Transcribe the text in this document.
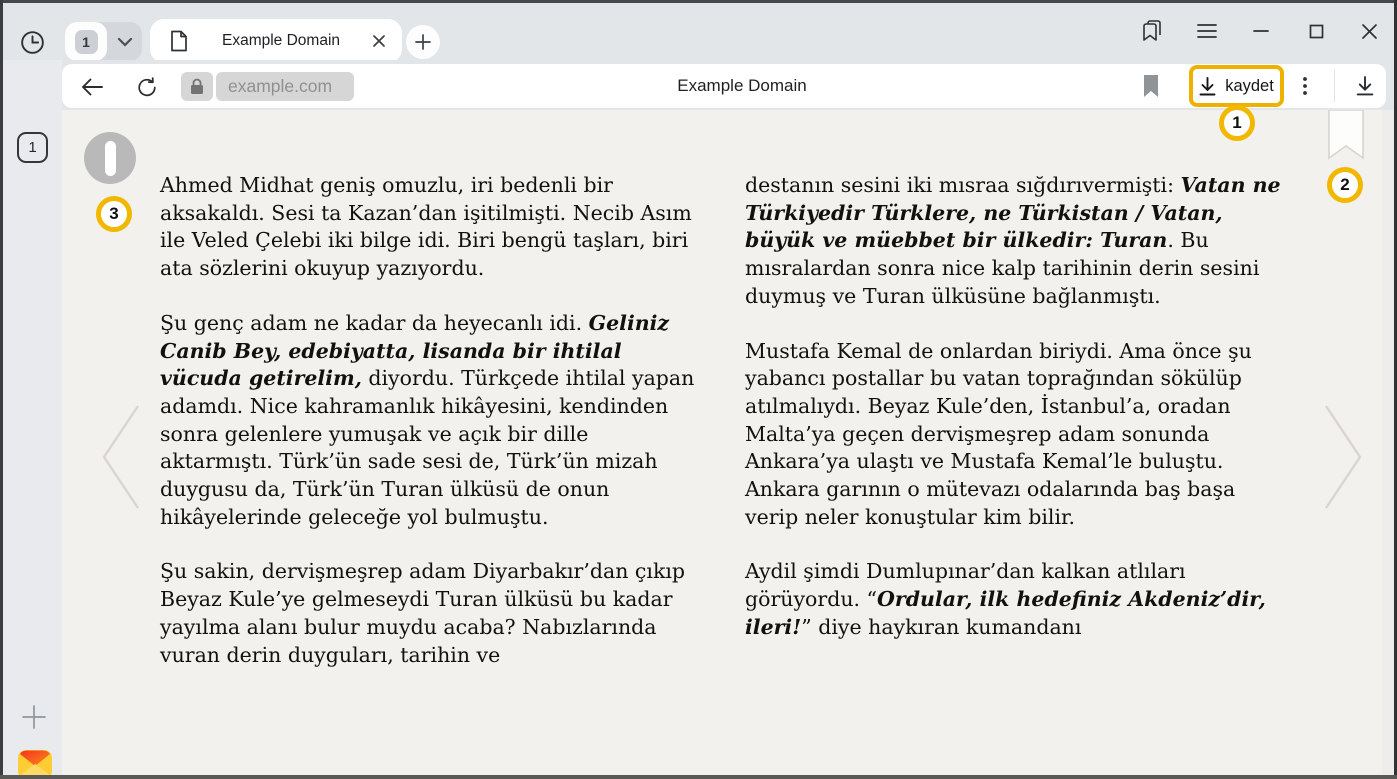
1	Example Domain
example.com	Example Domain	kaydet
1

Ahmed Midhat geniş omuzlu, iri bedenli bir aksakaldı. Sesi ta Kazan’dan işitilmişti. Necib Asım ile Veled Çelebi iki bilge idi. Biri bengü taşları, biri ata sözlerini okuyup yazıyordu.

Şu genç adam ne kadar da heyecanlı idi. Geliniz Canib Bey, edebiyatta, lisanda bir ihtilal vücuda getirelim, diyordu. Türkçede ihtilal yapan adamdı. Nice kahramanlık hikâyesini, kendinden sonra gelenlere yumuşak ve açık bir dille aktarmıştı. Türk’ün sade sesi de, Türk’ün mizah duygusu da, Türk’ün Turan ülküsü de onun hikâyelerinde geleceğe yol bulmuştu.

Şu sakin, dervişmeşrep adam Diyarbakır’dan çıkıp Beyaz Kule’ye gelmeseydi Turan ülküsü bu kadar yayılma alanı bulur muydu acaba? Nabızlarında vuran derin duyguları, tarihin ve

destanın sesini iki mısraa sığdırıvermişti: Vatan ne Türkiyedir Türklere, ne Türkistan / Vatan, büyük ve müebbet bir ülkedir: Turan. Bu mısralardan sonra nice kalp tarihinin derin sesini duymuş ve Turan ülküsüne bağlanmıştı.

Mustafa Kemal de onlardan biriydi. Ama önce şu yabancı postallar bu vatan toprağından sökülüp atılmalıydı. Beyaz Kule’den, İstanbul’a, oradan Malta’ya geçen dervişmeşrep adam sonunda Ankara’ya ulaştı ve Mustafa Kemal’le buluştu. Ankara garının o mütevazı odalarında baş başa verip neler konuştular kim bilir.

Aydil şimdi Dumlupınar’dan kalkan atlıları görüyordu. “Ordular, ilk hedefiniz Akdeniz’dir, ileri!” diye haykıran kumandanı

1
2
3
